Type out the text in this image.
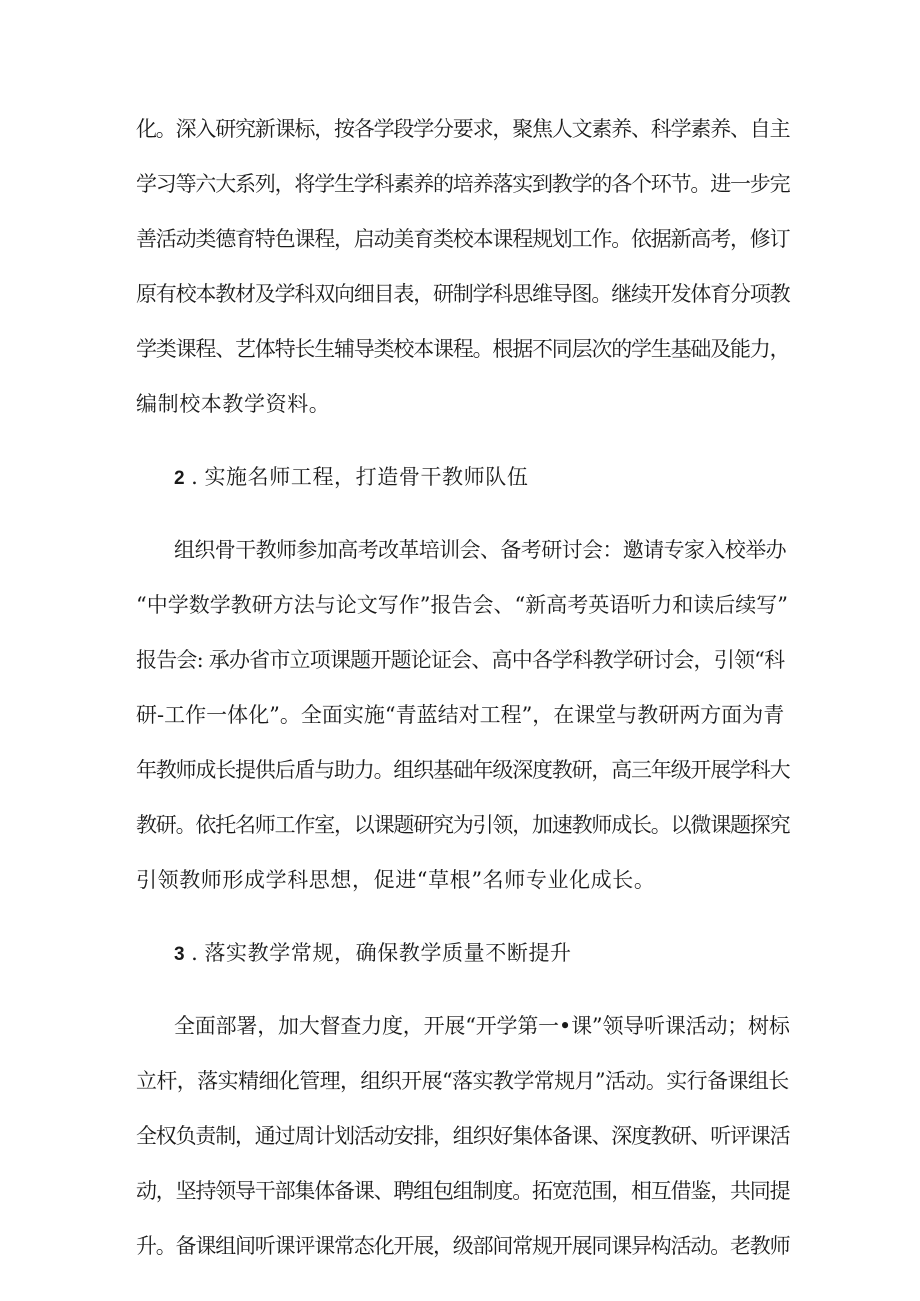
化。深入研究新课标，按各学段学分要求，聚焦人文素养、科学素养、自主
学习等六大系列，将学生学科素养的培养落实到教学的各个环节。进一步完
善活动类德育特色课程，启动美育类校本课程规划工作。依据新高考，修订
原有校本教材及学科双向细目表，研制学科思维导图。继续开发体育分项教
学类课程、艺体特长生辅导类校本课程。根据不同层次的学生基础及能力，
编制校本教学资料。
2 . 实施名师工程，打造骨干教师队伍
组织骨干教师参加高考改革培训会、备考研讨会：邀请专家入校举办
“中学数学教研方法与论文写作”报告会、“新高考英语听力和读后续写”
报告会: 承办省市立项课题开题论证会、高中各学科教学研讨会，引领“科
研-工作一体化”。全面实施“青蓝结对工程”，在课堂与教研两方面为青
年教师成长提供后盾与助力。组织基础年级深度教研，高三年级开展学科大
教研。依托名师工作室，以课题研究为引领，加速教师成长。以微课题探究
引领教师形成学科思想，促进“草根”名师专业化成长。
3 . 落实教学常规，确保教学质量不断提升
全面部署，加大督查力度，开展“开学第一•课”领导听课活动；树标
立杆，落实精细化管理，组织开展“落实教学常规月”活动。实行备课组长
全权负责制，通过周计划活动安排，组织好集体备课、深度教研、听评课活
动，坚持领导干部集体备课、聘组包组制度。拓宽范围，相互借鉴，共同提
升。备课组间听课评课常态化开展，级部间常规开展同课异构活动。老教师
